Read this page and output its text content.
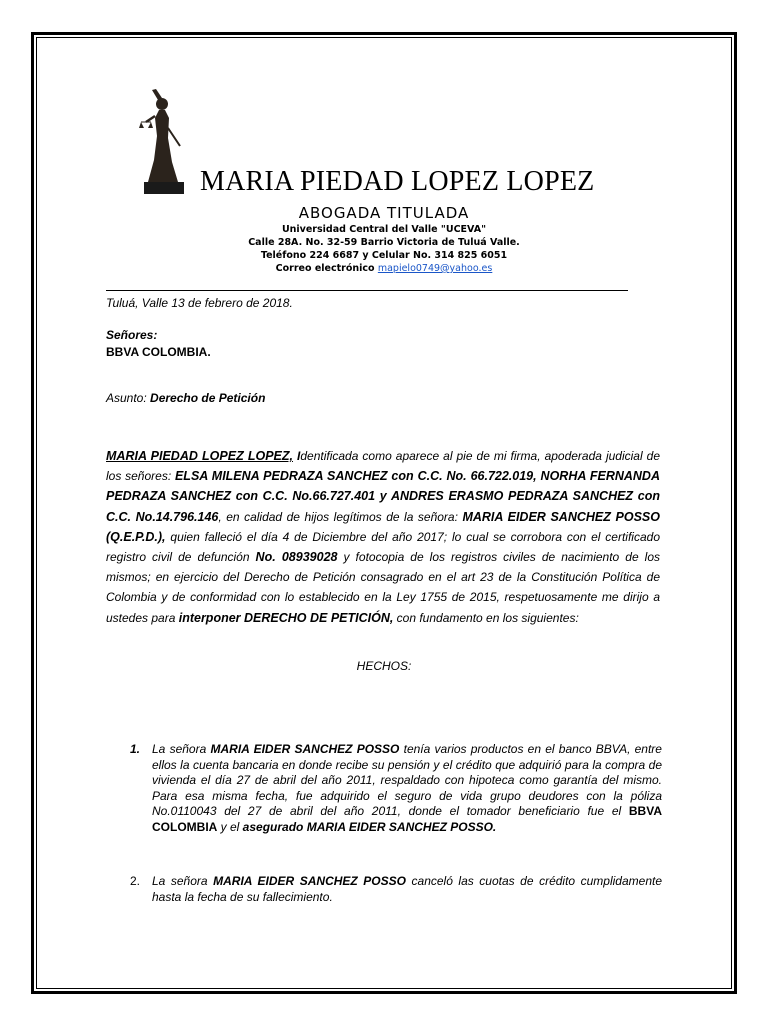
MARIA PIEDAD LOPEZ LOPEZ
ABOGADA TITULADA
Universidad Central del Valle "UCEVA"
Calle 28A. No. 32-59 Barrio Victoria de Tuluá Valle.
Teléfono 224 6687 y Celular No. 314 825 6051
Correo electrónico mapielo0749@yahoo.es
Tuluá, Valle 13 de febrero de 2018.
Señores:
BBVA COLOMBIA.
Asunto: Derecho de Petición
MARIA PIEDAD LOPEZ LOPEZ, Identificada como aparece al pie de mi firma, apoderada judicial de los señores: ELSA MILENA PEDRAZA SANCHEZ con C.C. No. 66.722.019, NORHA FERNANDA PEDRAZA SANCHEZ con C.C. No.66.727.401 y ANDRES ERASMO PEDRAZA SANCHEZ con C.C. No.14.796.146, en calidad de hijos legítimos de la señora: MARIA EIDER SANCHEZ POSSO (Q.E.P.D.), quien falleció el día 4 de Diciembre del año 2017; lo cual se corrobora con el certificado registro civil de defunción No. 08939028 y fotocopia de los registros civiles de nacimiento de los mismos; en ejercicio del Derecho de Petición consagrado en el art 23 de la Constitución Política de Colombia y de conformidad con lo establecido en la Ley 1755 de 2015, respetuosamente me dirijo a ustedes para interponer DERECHO DE PETICIÓN, con fundamento en los siguientes:
HECHOS:
1. La señora MARIA EIDER SANCHEZ POSSO tenía varios productos en el banco BBVA, entre ellos la cuenta bancaria en donde recibe su pensión y el crédito que adquirió para la compra de vivienda el día 27 de abril del año 2011, respaldado con hipoteca como garantía del mismo. Para esa misma fecha, fue adquirido el seguro de vida grupo deudores con la póliza No.0110043 del 27 de abril del año 2011, donde el tomador beneficiario fue el BBVA COLOMBIA y el asegurado MARIA EIDER SANCHEZ POSSO.
2. La señora MARIA EIDER SANCHEZ POSSO canceló las cuotas de crédito cumplidamente hasta la fecha de su fallecimiento.
